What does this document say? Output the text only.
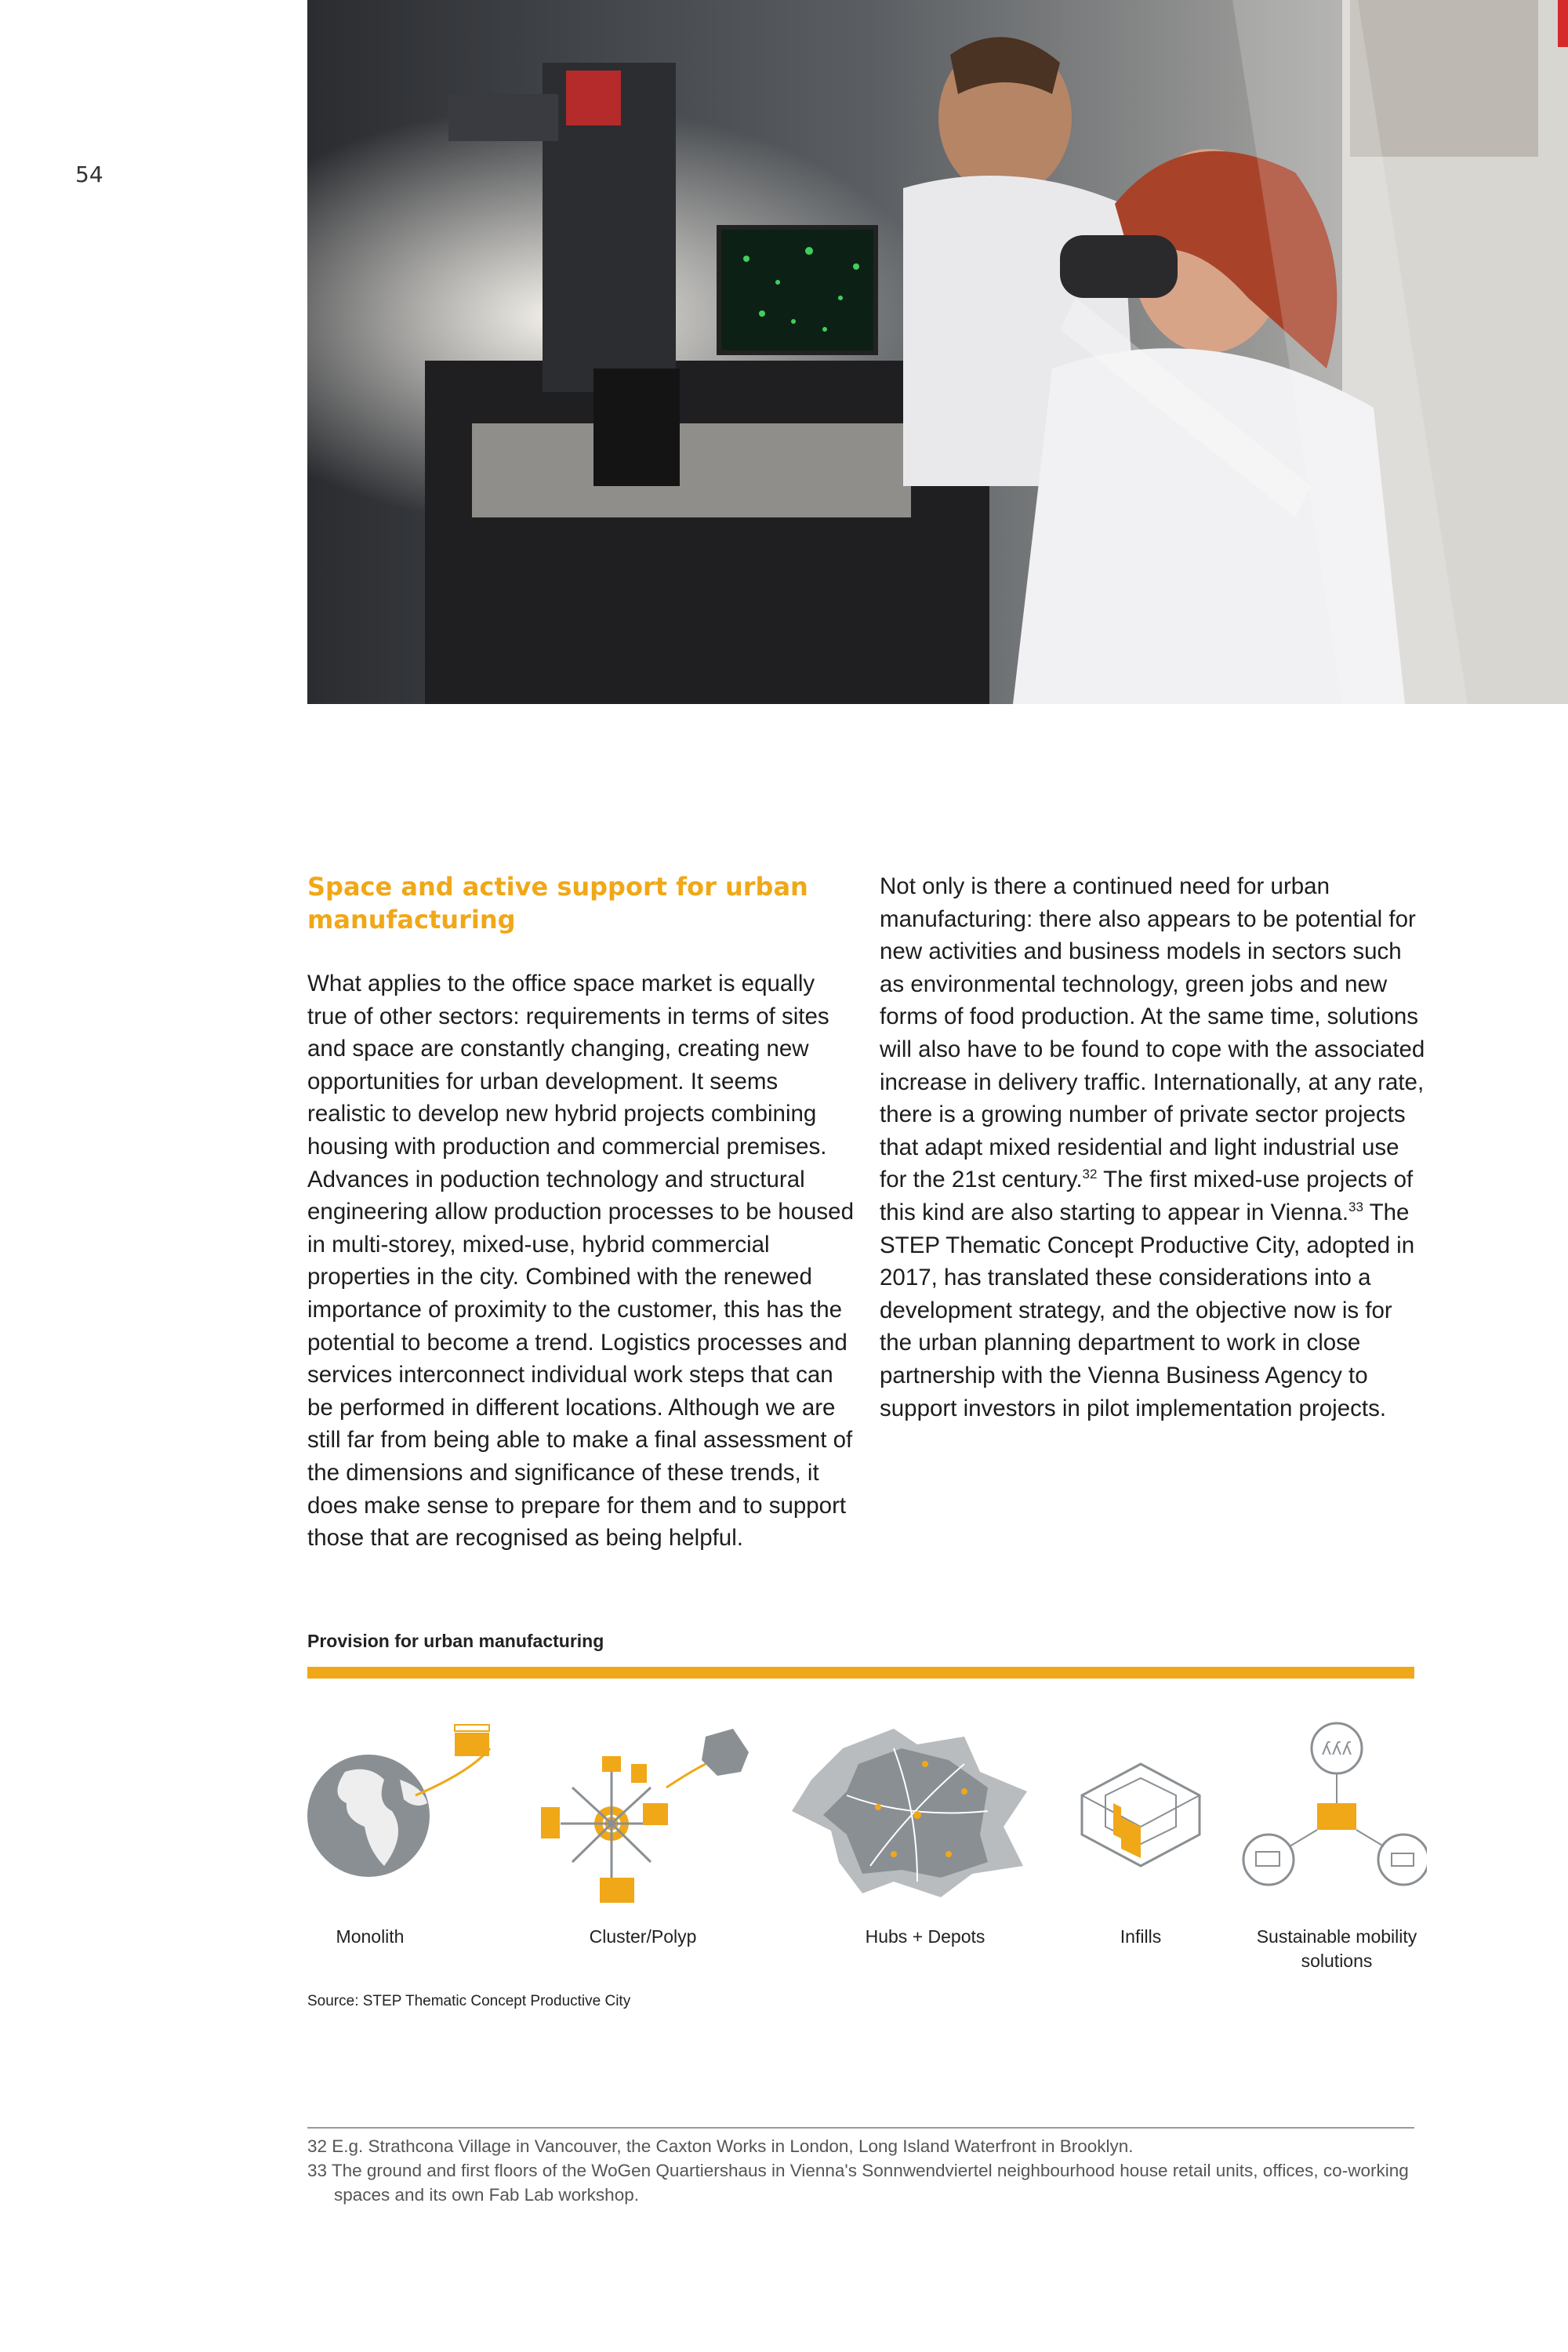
54
Space and active support for urban manufacturing

What applies to the office space market is equally true of other sectors: requirements in terms of sites and space are constantly changing, creating new opportunities for urban development. It seems realistic to develop new hybrid projects combining housing with production and commercial premises. Advances in poduction technology and structural engineering allow production processes to be housed in multi-storey, mixed-use, hybrid commercial properties in the city. Combined with the renewed importance of proximity to the customer, this has the potential to become a trend. Logistics processes and services interconnect individual work steps that can be performed in different locations. Although we are still far from being able to make a final assessment of the dimensions and significance of these trends, it does make sense to prepare for them and to support those that are recognised as being helpful.

Not only is there a continued need for urban manufacturing: there also appears to be potential for new activities and business models in sectors such as environmental technology, green jobs and new forms of food production. At the same time, solutions will also have to be found to cope with the associated increase in delivery traffic. Internationally, at any rate, there is a growing number of private sector projects that adapt mixed residential and light industrial use for the 21st century.$^{32}$ The first mixed-use projects of this kind are also starting to appear in Vienna.$^{33}$ The STEP Thematic Concept Productive City, adopted in 2017, has translated these considerations into a development strategy, and the objective now is for the urban planning department to work in close partnership with the Vienna Business Agency to support investors in pilot implementation projects.

Provision for urban manufacturing
ʎʎʎ
Monolith	Cluster/Polyp	Hubs + Depots	Infills	Sustainable mobility solutions
Source: STEP Thematic Concept Productive City
32 E.g. Strathcona Village in Vancouver, the Caxton Works in London, Long Island Waterfront in Brooklyn.
33 The ground and first floors of the WoGen Quartiershaus in Vienna's Sonnwendviertel neighbourhood house retail units, offices, co-working spaces and its own Fab Lab workshop.
